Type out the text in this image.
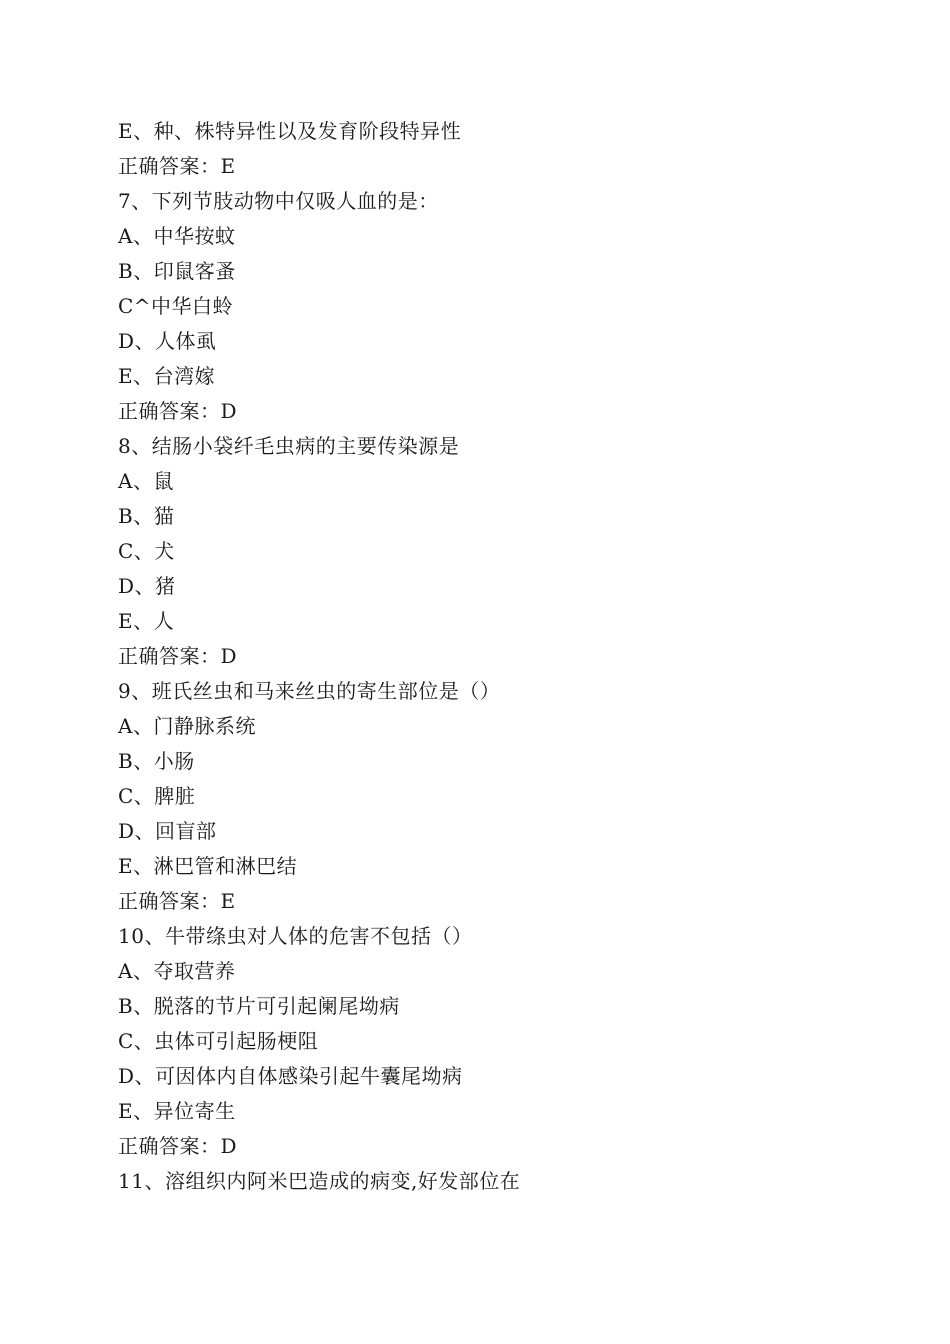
E、种、株特异性以及发育阶段特异性
正确答案：E
7、下列节肢动物中仅吸人血的是：
A、中华按蚊
B、印鼠客蚤
C^中华白蛉
D、人体虱
E、台湾嫁
正确答案：D
8、结肠小袋纤毛虫病的主要传染源是
A、鼠
B、猫
C、犬
D、猪
E、人
正确答案：D
9、班氏丝虫和马来丝虫的寄生部位是（）
A、门静脉系统
B、小肠
C、脾脏
D、回盲部
E、淋巴管和淋巴结
正确答案：E
10、牛带绦虫对人体的危害不包括（）
A、夺取营养
B、脱落的节片可引起阑尾坳病
C、虫体可引起肠梗阻
D、可因体内自体感染引起牛囊尾坳病
E、异位寄生
正确答案：D
11、溶组织内阿米巴造成的病变,好发部位在
